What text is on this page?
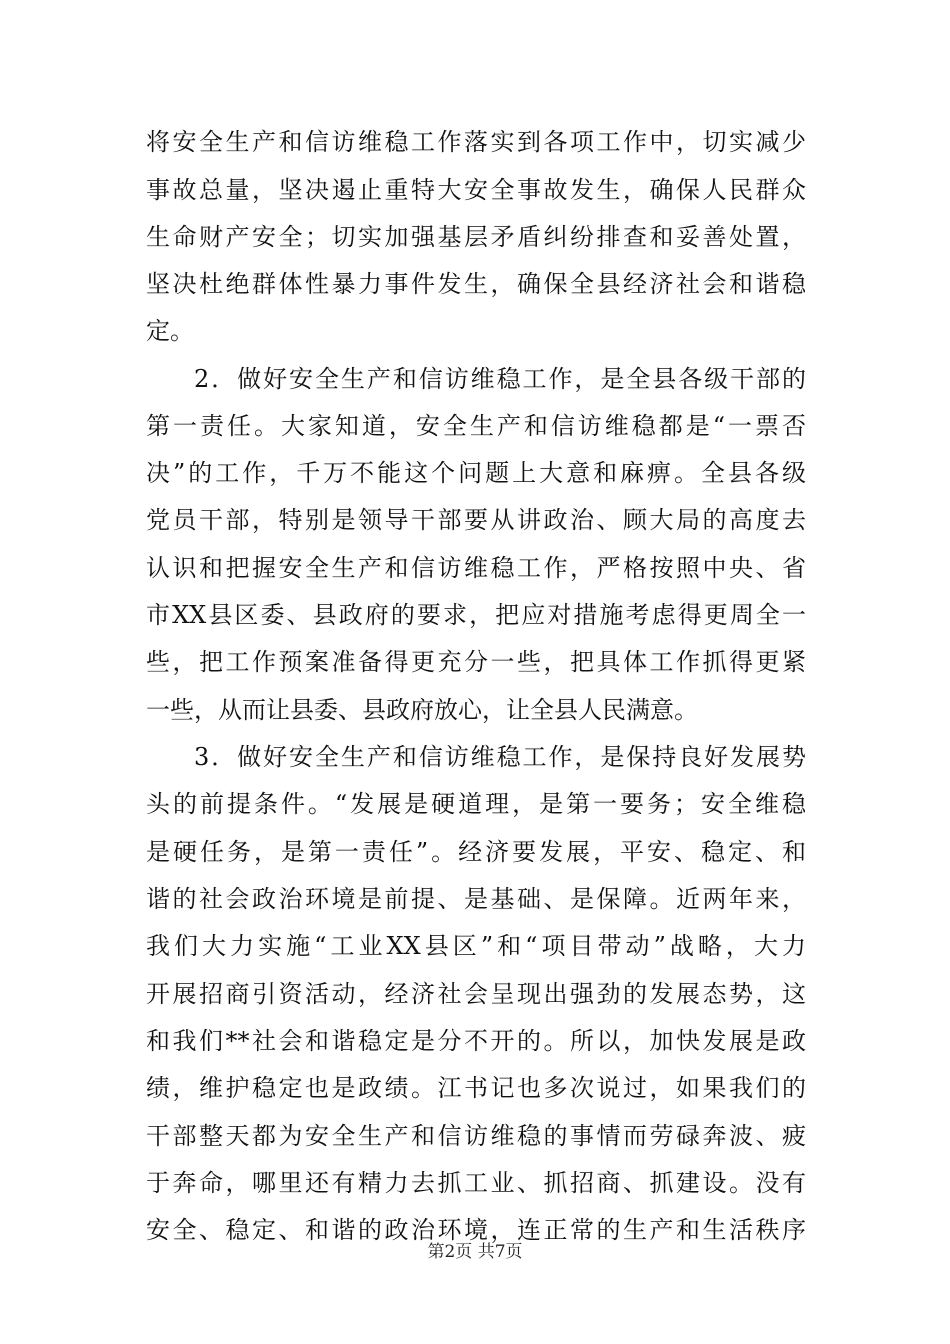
将安全生产和信访维稳工作落实到各项工作中，切实减少
事故总量，坚决遏止重特大安全事故发生，确保人民群众
生命财产安全；切实加强基层矛盾纠纷排查和妥善处置，
坚决杜绝群体性暴力事件发生，确保全县经济社会和谐稳
定。
2．做好安全生产和信访维稳工作，是全县各级干部的
第一责任。大家知道，安全生产和信访维稳都是“一票否
决”的工作，千万不能这个问题上大意和麻痹。全县各级
党员干部，特别是领导干部要从讲政治、顾大局的高度去
认识和把握安全生产和信访维稳工作，严格按照中央、省
市XX县区委、县政府的要求，把应对措施考虑得更周全一
些，把工作预案准备得更充分一些，把具体工作抓得更紧
一些，从而让县委、县政府放心，让全县人民满意。
3．做好安全生产和信访维稳工作，是保持良好发展势
头的前提条件。“发展是硬道理，是第一要务；安全维稳
是硬任务，是第一责任”。经济要发展，平安、稳定、和
谐的社会政治环境是前提、是基础、是保障。近两年来，
我们大力实施“工业XX县区”和“项目带动”战略，大力
开展招商引资活动，经济社会呈现出强劲的发展态势，这
和我们**社会和谐稳定是分不开的。所以，加快发展是政
绩，维护稳定也是政绩。江书记也多次说过，如果我们的
干部整天都为安全生产和信访维稳的事情而劳碌奔波、疲
于奔命，哪里还有精力去抓工业、抓招商、抓建设。没有
安全、稳定、和谐的政治环境，连正常的生产和生活秩序
第2页 共7页
